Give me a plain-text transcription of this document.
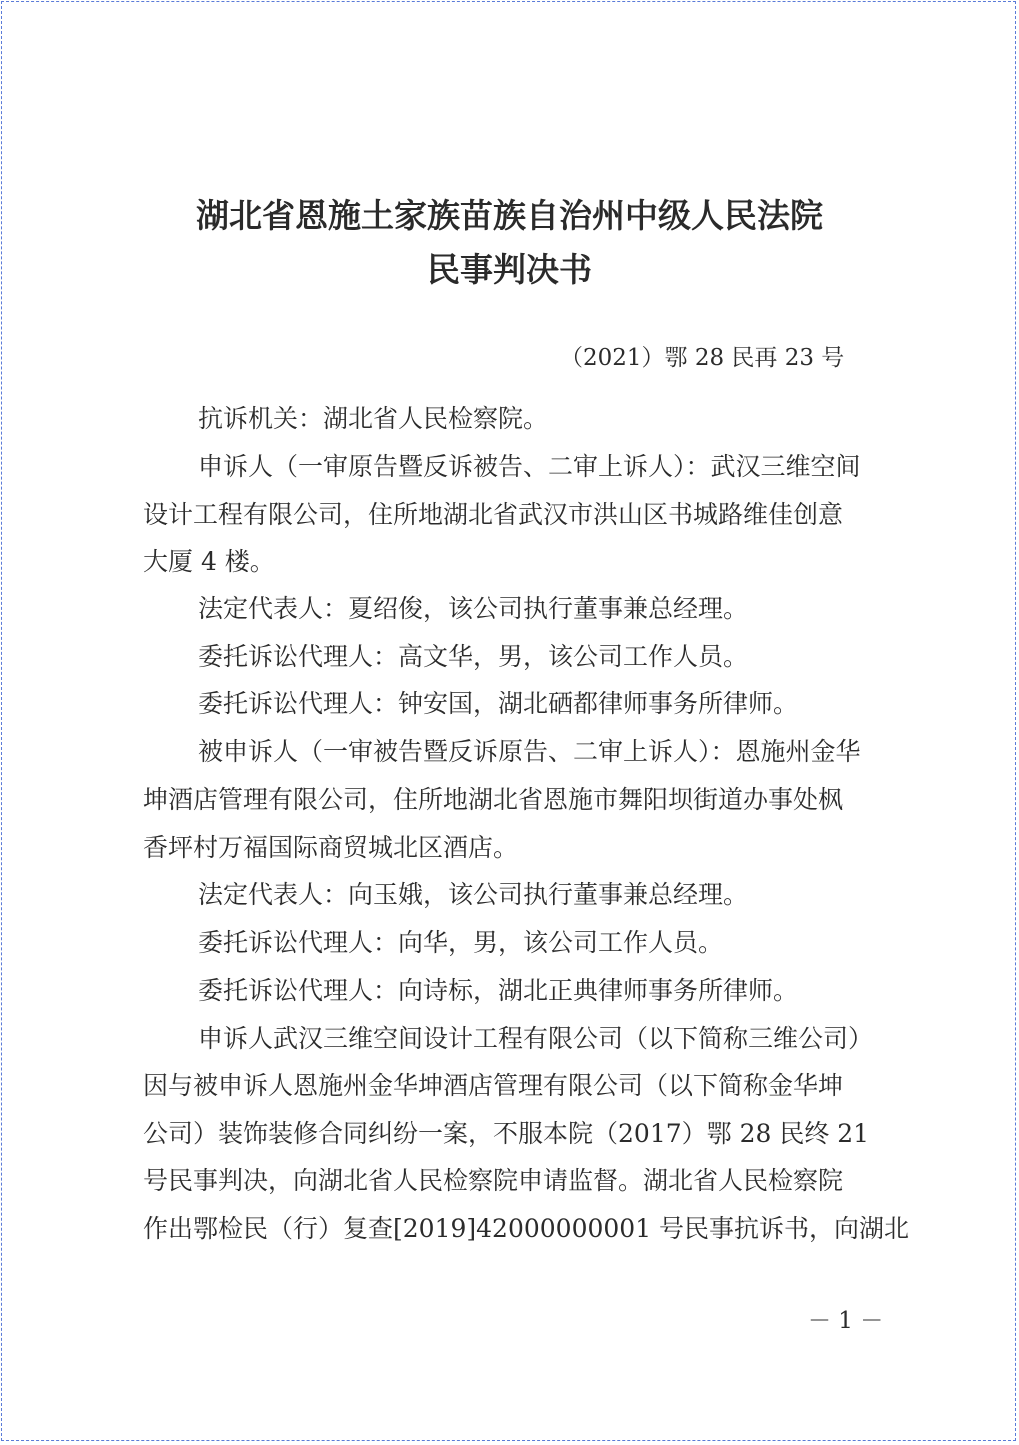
湖北省恩施土家族苗族自治州中级人民法院
民事判决书

（2021）鄂 28 民再 23 号

抗诉机关：湖北省人民检察院。

申诉人（一审原告暨反诉被告、二审上诉人）：武汉三维空间

设计工程有限公司，住所地湖北省武汉市洪山区书城路维佳创意

大厦 4 楼。

法定代表人：夏绍俊，该公司执行董事兼总经理。

委托诉讼代理人：高文华，男，该公司工作人员。

委托诉讼代理人：钟安国，湖北硒都律师事务所律师。

被申诉人（一审被告暨反诉原告、二审上诉人）：恩施州金华

坤酒店管理有限公司，住所地湖北省恩施市舞阳坝街道办事处枫

香坪村万福国际商贸城北区酒店。

法定代表人：向玉娥，该公司执行董事兼总经理。

委托诉讼代理人：向华，男，该公司工作人员。

委托诉讼代理人：向诗标，湖北正典律师事务所律师。

申诉人武汉三维空间设计工程有限公司（以下简称三维公司）

因与被申诉人恩施州金华坤酒店管理有限公司（以下简称金华坤

公司）装饰装修合同纠纷一案，不服本院（2017）鄂 28 民终 21

号民事判决，向湖北省人民检察院申请监督。湖北省人民检察院

作出鄂检民（行）复查[2019]42000000001 号民事抗诉书，向湖北

－ 1 －
